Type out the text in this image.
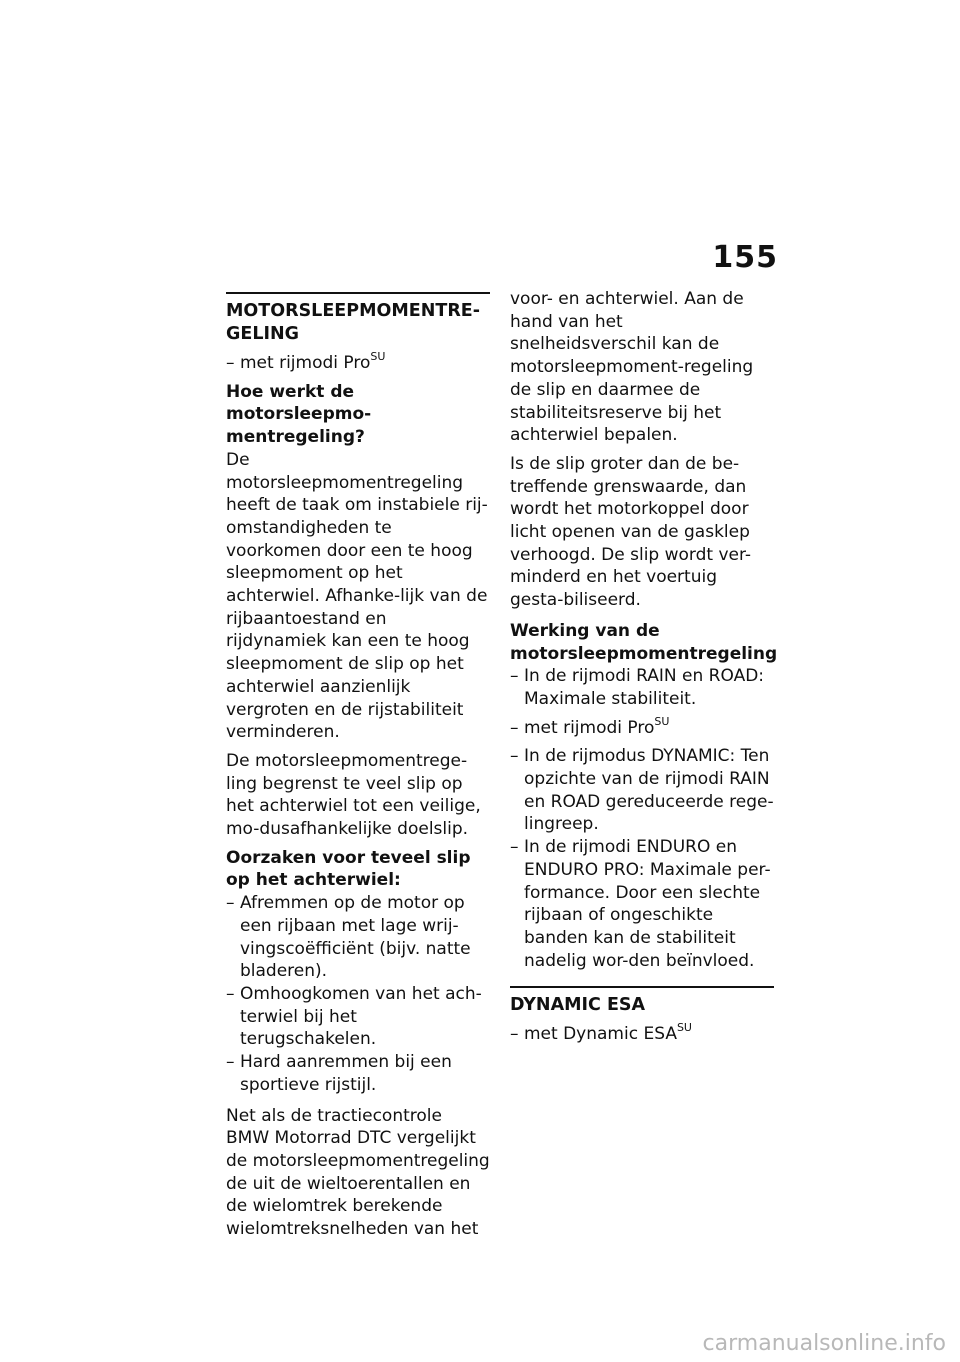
155
MOTORSLEEPMOMENTRE-GELING
– met rijmodi Pro$^{SU}$
Hoe werkt de motorsleepmo-mentregeling?

De motorsleepmomentregeling heeft de taak om instabiele rij-omstandigheden te voorkomen door een te hoog sleepmoment op het achterwiel. Afhanke-lijk van de rijbaantoestand en rijdynamiek kan een te hoog sleepmoment de slip op het achterwiel aanzienlijk vergroten en de rijstabiliteit verminderen.

De motorsleepmomentrege-ling begrenst te veel slip op het achterwiel tot een veilige, mo-dusafhankelijke doelslip.

Oorzaken voor teveel slip op het achterwiel:
– Afremmen op de motor op een rijbaan met lage wrij-vingscoëfficiënt (bijv. natte bladeren).
– Omhoogkomen van het ach-terwiel bij het terugschakelen.
– Hard aanremmen bij een sportieve rijstijl.

Net als de tractiecontrole BMW Motorrad DTC vergelijkt de motorsleepmomentregeling de uit de wieltoerentallen en de wielomtrek berekende wielomtreksnelheden van het

voor- en achterwiel. Aan de hand van het snelheidsverschil kan de motorsleepmoment-regeling de slip en daarmee de stabiliteitsreserve bij het achterwiel bepalen.

Is de slip groter dan de be-treffende grenswaarde, dan wordt het motorkoppel door licht openen van de gasklep verhoogd. De slip wordt ver-minderd en het voertuig gesta-biliseerd.

Werking van de motorsleepmomentregeling
– In de rijmodi RAIN en ROAD: Maximale stabiliteit.
– met rijmodi Pro$^{SU}$
– In de rijmodus DYNAMIC: Ten opzichte van de rijmodi RAIN en ROAD gereduceerde rege-lingreep.
– In de rijmodi ENDURO en ENDURO PRO: Maximale per-formance. Door een slechte rijbaan of ongeschikte banden kan de stabiliteit nadelig wor-den beïnvloed.
DYNAMIC ESA
– met Dynamic $ESA^{SU}$
carmanualsonline.info
